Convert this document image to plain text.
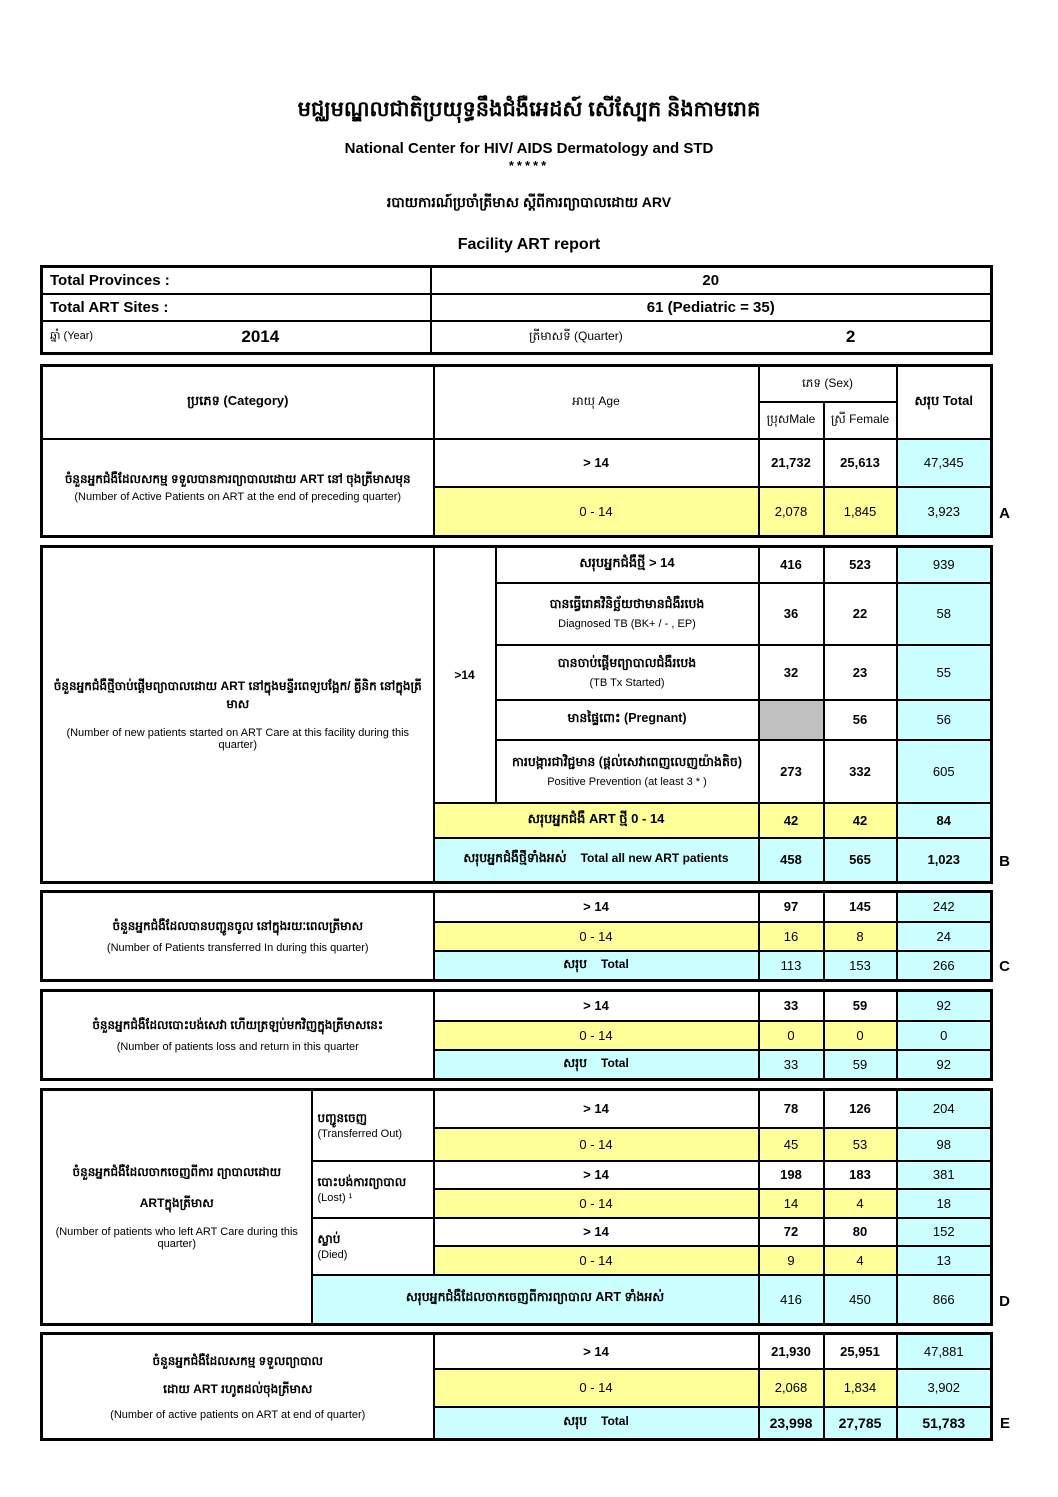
មជ្ឈមណ្ឌលជាតិប្រយុទ្ធនឹងជំងឺអេដស៍ សើស្បែក និងកាមរោគ
National Center for HIV/ AIDS Dermatology and STD
*****
របាយការណ៍ប្រចាំត្រីមាស ស្តីពីការព្យាបាលដោយ ARV
Facility ART report
Total Provinces :	20
Total ART Sites :	61 (Pediatric = 35)

ឆ្នាំ (Year) 2014	ត្រីមាសទី (Quarter) 2
ប្រភេទ (Category)	អាយុ Age	ភេទ (Sex)		សរុប Total
		ប្រុសMale	ស្រី Female	
ចំនួនអ្នកជំងឺដែលសកម្ម ទទួលបានការព្យាបាលដោយ ART នៅ ចុងត្រីមាសមុន (Number of Active Patients on ART at the end of preceding quarter)	> 14	21,732	25,613	47,345
	0 - 14	2,078	1,845	3,923	A
ចំនួនអ្នកជំងឺថ្មីចាប់ផ្តើមព្យាបាលដោយ ART នៅក្នុងមន្ទីរពេទ្យបង្អែក/ គ្លីនិក នៅក្នុងត្រីមាស
(Number of new patients started on ART Care at this facility during this quarter)	>14	សរុបអ្នកជំងឺថ្មី > 14	416	523	939

		បានធ្វើរោគវិនិច្ឆ័យថាមានជំងឺរបេង
Diagnosed TB (BK+ / - , EP)	36	22	58

		បានចាប់ផ្តើមព្យាបាលជំងឺរបេង
(TB Tx Started)	32	23	55

		មានផ្ទៃពោះ (Pregnant)		56	56

		ការបង្ការជាវិជ្ជមាន (ផ្តល់សេវាពេញលេញយ៉ាងតិច)
Positive Prevention (at least 3 * )	273	332	605
	សរុបអ្នកជំងឺ ART ថ្មី 0 - 14		42	42	84
	សរុបអ្នកជំងឺថ្មីទាំងអស់ Total all new ART patients		458	565	1,023	B
ចំនួនអ្នកជំងឺដែលបានបញ្ជូនចូល នៅក្នុងរយៈពេលត្រីមាស
(Number of Patients transferred In during this quarter)	> 14	97	145	242
	0 - 14	16	8	24
	សរុប Total	113	153	266	C
ចំនួនអ្នកជំងឺដែលបោះបង់សេវា ហើយត្រឡប់មកវិញក្នុងត្រីមាសនេះ
(Number of patients loss and return in this quarter	> 14	33	59	92
	0 - 14	0	0	0
	សរុប Total	33	59	92
ចំនួនអ្នកជំងឺដែលចាកចេញពីការ ព្យាបាលដោយ
ARTក្នុងត្រីមាស
(Number of patients who left ART Care during this quarter)	បញ្ជូនចេញ
(Transferred Out)	> 14	78	126	204
		0 - 14	45	53	98

	បោះបង់ការព្យាបាល
(Lost) ¹	> 14	198	183	381
		0 - 14	14	4	18

	ស្លាប់
(Died)	> 14	72	80	152
		0 - 14	9	4	13
	សរុបអ្នកជំងឺដែលចាកចេញពីការព្យាបាល ART ទាំងអស់		416	450	866	D
ចំនួនអ្នកជំងឺដែលសកម្ម ទទួលព្យាបាល
ដោយ ART រហូតដល់ចុងត្រីមាស
(Number of active patients on ART at end of quarter)	> 14	21,930	25,951	47,881
	0 - 14	2,068	1,834	3,902
	សរុប Total	23,998	27,785	51,783 E
